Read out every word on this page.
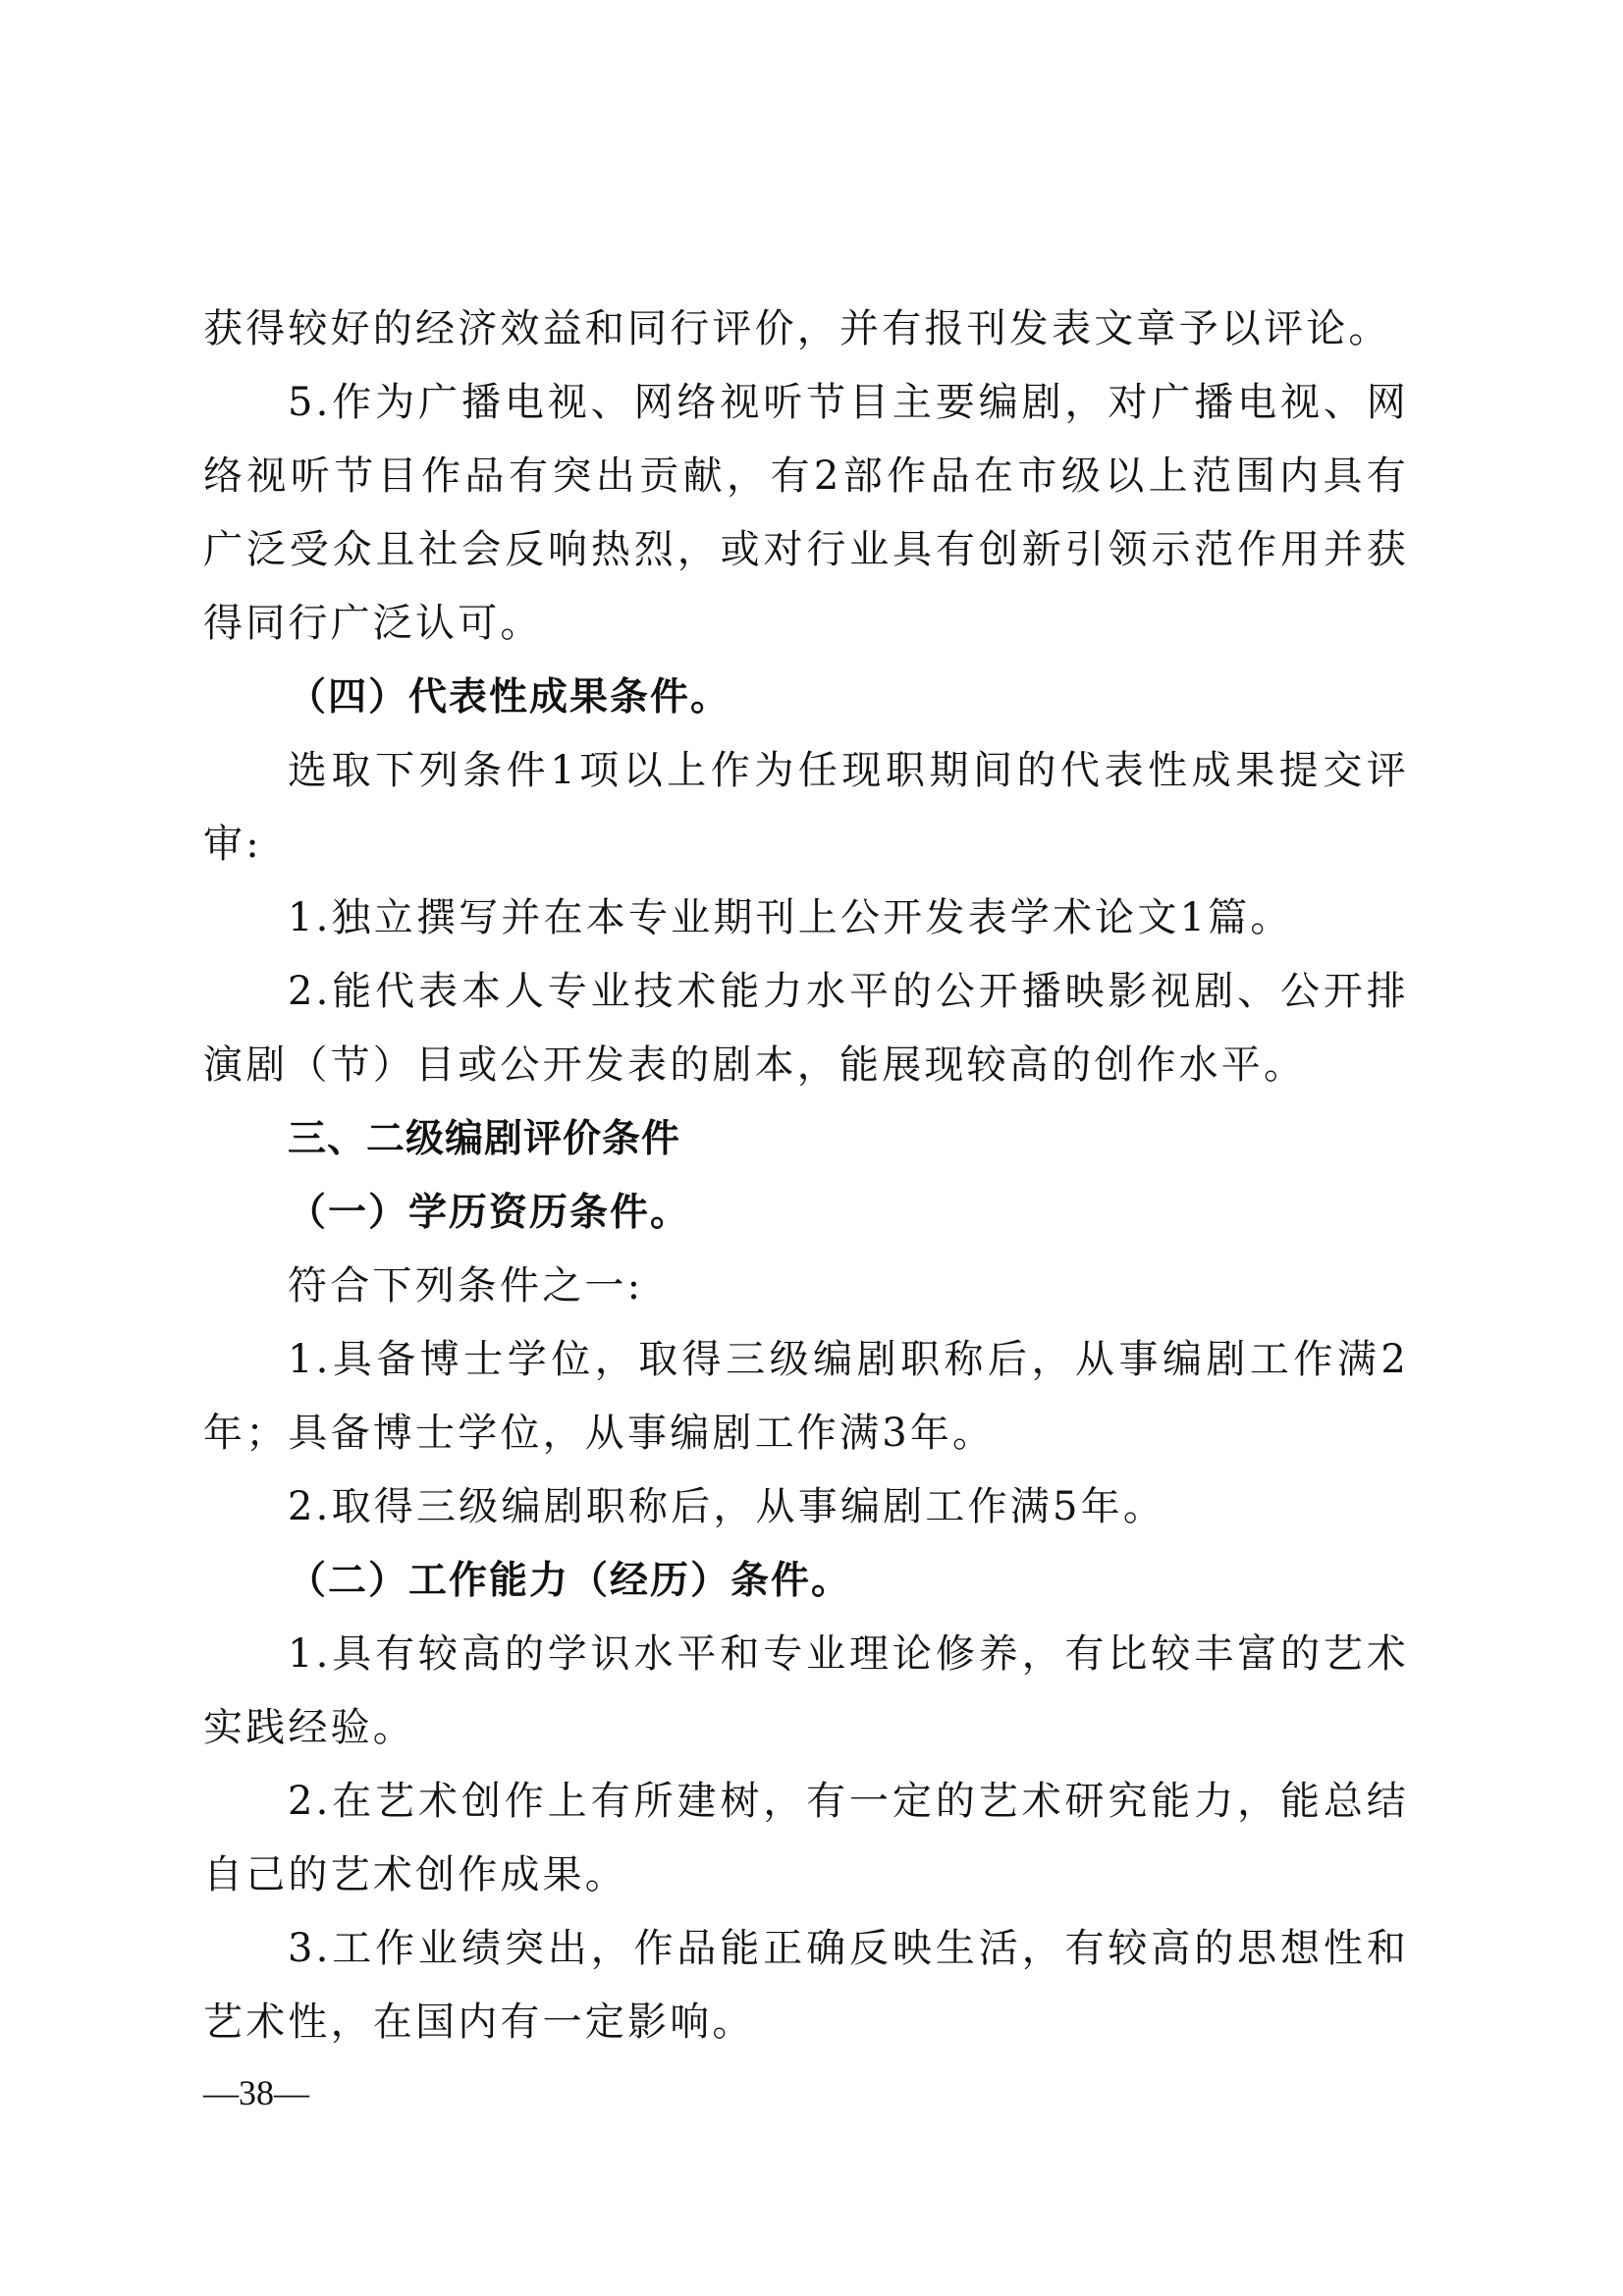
获得较好的经济效益和同行评价，并有报刊发表文章予以评论。

5.作为广播电视、网络视听节目主要编剧，对广播电视、网络视听节目作品有突出贡献，有2部作品在市级以上范围内具有广泛受众且社会反响热烈，或对行业具有创新引领示范作用并获得同行广泛认可。

（四）代表性成果条件。

选取下列条件1项以上作为任现职期间的代表性成果提交评审:

1.独立撰写并在本专业期刊上公开发表学术论文1篇。

2.能代表本人专业技术能力水平的公开播映影视剧、公开排演剧（节）目或公开发表的剧本，能展现较高的创作水平。

三、二级编剧评价条件

（一）学历资历条件。

符合下列条件之一:

1.具备博士学位，取得三级编剧职称后，从事编剧工作满2年；具备博士学位，从事编剧工作满3年。

2.取得三级编剧职称后，从事编剧工作满5年。

（二）工作能力（经历）条件。

1.具有较高的学识水平和专业理论修养，有比较丰富的艺术实践经验。

2.在艺术创作上有所建树，有一定的艺术研究能力，能总结自己的艺术创作成果。

3.工作业绩突出，作品能正确反映生活，有较高的思想性和艺术性，在国内有一定影响。

—38—
